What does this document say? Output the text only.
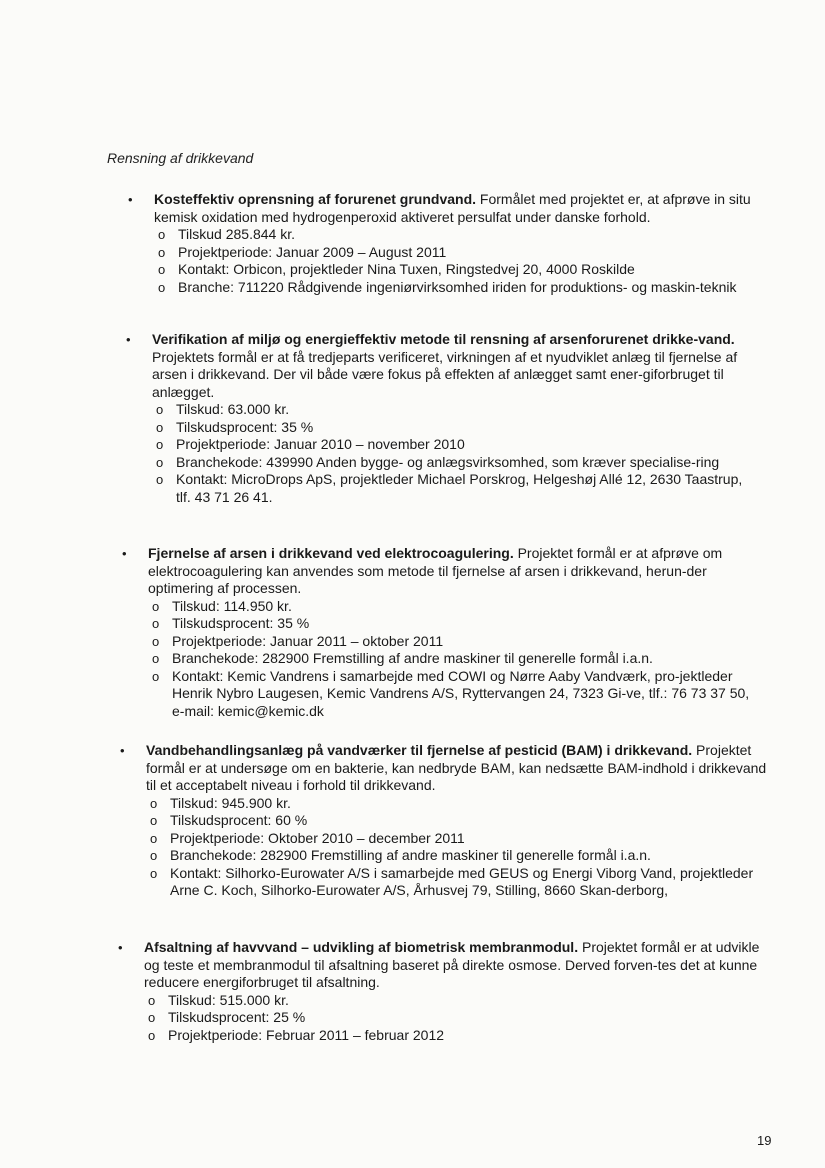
Rensning af drikkevand
• Kosteffektiv oprensning af forurenet grundvand. Formålet med projektet er, at afprøve in situ kemisk oxidation med hydrogenperoxid aktiveret persulfat under danske forhold.
o Tilskud 285.844 kr.
o Projektperiode: Januar 2009 – August 2011
o Kontakt: Orbicon, projektleder Nina Tuxen, Ringstedvej 20, 4000 Roskilde
o Branche: 711220 Rådgivende ingeniørvirksomhed iriden for produktions- og maskin-teknik
• Verifikation af miljø og energieffektiv metode til rensning af arsenforurenet drikke-vand. Projektets formål er at få tredjeparts verificeret, virkningen af et nyudviklet anlæg til fjernelse af arsen i drikkevand. Der vil både være fokus på effekten af anlægget samt ener-giforbruget til anlægget.
o Tilskud: 63.000 kr.
o Tilskudsprocent: 35 %
o Projektperiode: Januar 2010 – november 2010
o Branchekode: 439990 Anden bygge- og anlægsvirksomhed, som kræver specialise-ring
o Kontakt: MicroDrops ApS, projektleder Michael Porskrog, Helgeshøj Allé 12, 2630 Taastrup, tlf. 43 71 26 41.
• Fjernelse af arsen i drikkevand ved elektrocoagulering. Projektet formål er at afprøve om elektrocoagulering kan anvendes som metode til fjernelse af arsen i drikkevand, herun-der optimering af processen.
o Tilskud: 114.950 kr.
o Tilskudsprocent: 35 %
o Projektperiode: Januar 2011 – oktober 2011
o Branchekode: 282900 Fremstilling af andre maskiner til generelle formål i.a.n.
o Kontakt: Kemic Vandrens i samarbejde med COWI og Nørre Aaby Vandværk, pro-jektleder Henrik Nybro Laugesen, Kemic Vandrens A/S, Ryttervangen 24, 7323 Gi-ve, tlf.: 76 73 37 50, e-mail: kemic@kemic.dk
• Vandbehandlingsanlæg på vandværker til fjernelse af pesticid (BAM) i drikkevand. Projektet formål er at undersøge om en bakterie, kan nedbryde BAM, kan nedsætte BAM-indhold i drikkevand til et acceptabelt niveau i forhold til drikkevand.
o Tilskud: 945.900 kr.
o Tilskudsprocent: 60 %
o Projektperiode: Oktober 2010 – december 2011
o Branchekode: 282900 Fremstilling af andre maskiner til generelle formål i.a.n.
o Kontakt: Silhorko-Eurowater A/S i samarbejde med GEUS og Energi Viborg Vand, projektleder Arne C. Koch, Silhorko-Eurowater A/S, Århusvej 79, Stilling, 8660 Skan-derborg,
• Afsaltning af havvvand – udvikling af biometrisk membranmodul. Projektet formål er at udvikle og teste et membranmodul til afsaltning baseret på direkte osmose. Derved forven-tes det at kunne reducere energiforbruget til afsaltning.
o Tilskud: 515.000 kr.
o Tilskudsprocent: 25 %
o Projektperiode: Februar 2011 – februar 2012
19
